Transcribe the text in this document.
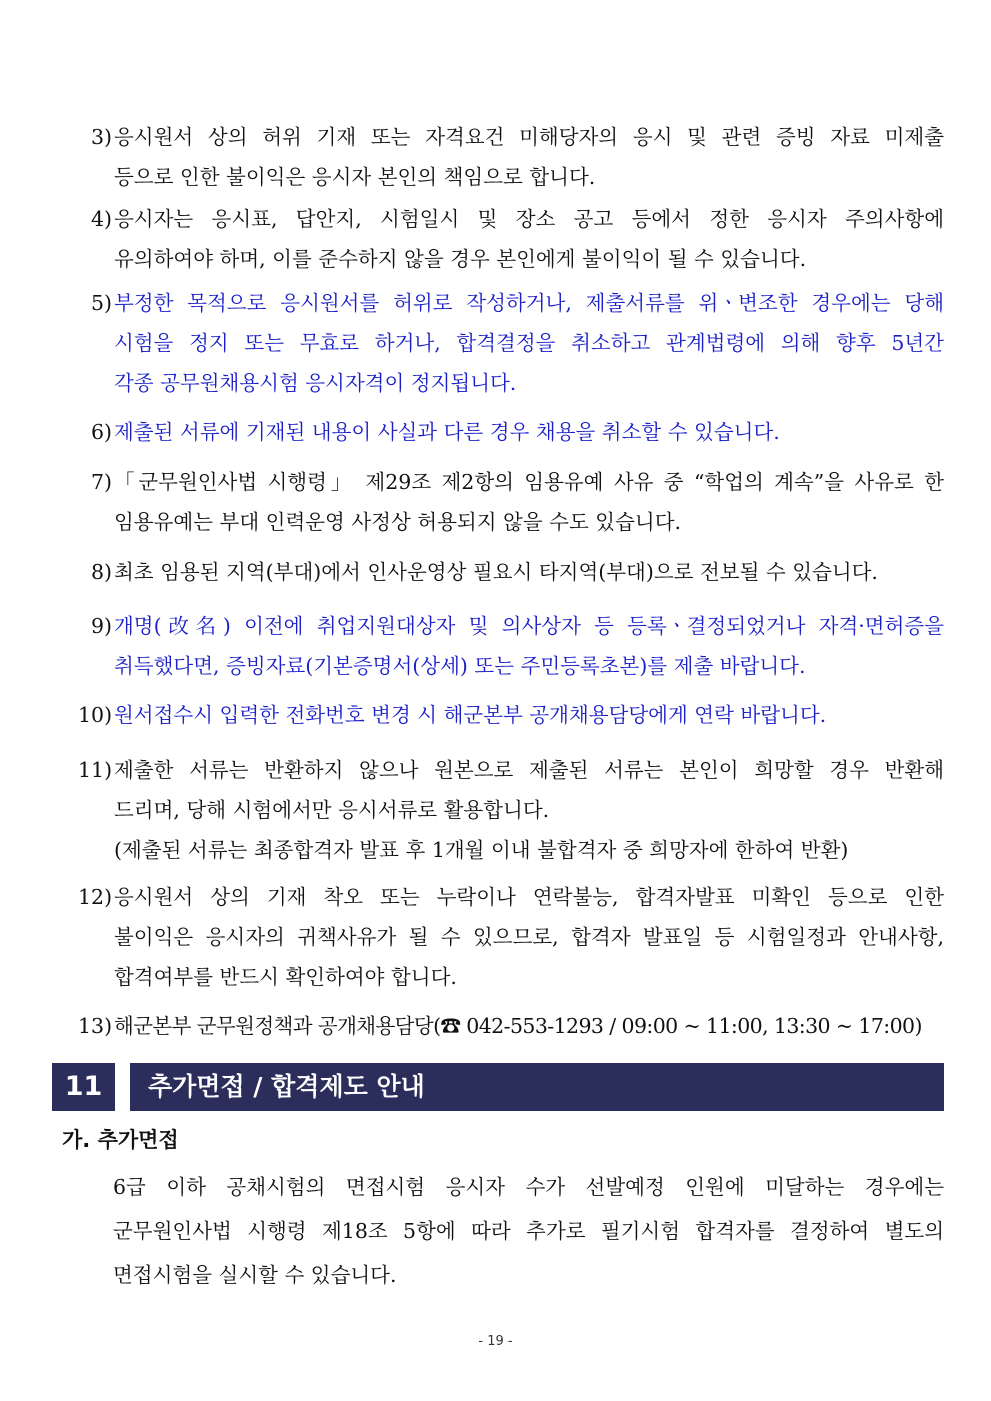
3) 응시원서 상의 허위 기재 또는 자격요건 미해당자의 응시 및 관련 증빙 자료 미제출
등으로 인한 불이익은 응시자 본인의 책임으로 합니다.
4) 응시자는 응시표, 답안지, 시험일시 및 장소 공고 등에서 정한 응시자 주의사항에
유의하여야 하며, 이를 준수하지 않을 경우 본인에게 불이익이 될 수 있습니다.
5) 부정한 목적으로 응시원서를 허위로 작성하거나, 제출서류를 위ㆍ변조한 경우에는 당해
시험을 정지 또는 무효로 하거나, 합격결정을 취소하고 관계법령에 의해 향후 5년간
각종 공무원채용시험 응시자격이 정지됩니다.
6) 제출된 서류에 기재된 내용이 사실과 다른 경우 채용을 취소할 수 있습니다.
7) 「군무원인사법 시행령」 제29조 제2항의 임용유예 사유 중 “학업의 계속”을 사유로 한
임용유예는 부대 인력운영 사정상 허용되지 않을 수도 있습니다.
8) 최초 임용된 지역(부대)에서 인사운영상 필요시 타지역(부대)으로 전보될 수 있습니다.
9) 개명(改名) 이전에 취업지원대상자 및 의사상자 등 등록ㆍ결정되었거나 자격·면허증을
취득했다면, 증빙자료(기본증명서(상세) 또는 주민등록초본)를 제출 바랍니다.
10) 원서접수시 입력한 전화번호 변경 시 해군본부 공개채용담당에게 연락 바랍니다.
11) 제출한 서류는 반환하지 않으나 원본으로 제출된 서류는 본인이 희망할 경우 반환해
드리며, 당해 시험에서만 응시서류로 활용합니다.
(제출된 서류는 최종합격자 발표 후 1개월 이내 불합격자 중 희망자에 한하여 반환)
12) 응시원서 상의 기재 착오 또는 누락이나 연락불능, 합격자발표 미확인 등으로 인한
불이익은 응시자의 귀책사유가 될 수 있으므로, 합격자 발표일 등 시험일정과 안내사항,
합격여부를 반드시 확인하여야 합니다.
13) 해군본부 군무원정책과 공개채용담당(☎ 042-553-1293 / 09:00 ~ 11:00, 13:30 ~ 17:00)
11	추가면접 / 합격제도 안내
가. 추가면접
6급 이하 공채시험의 면접시험 응시자 수가 선발예정 인원에 미달하는 경우에는
군무원인사법 시행령 제18조 5항에 따라 추가로 필기시험 합격자를 결정하여 별도의
면접시험을 실시할 수 있습니다.
- 19 -
